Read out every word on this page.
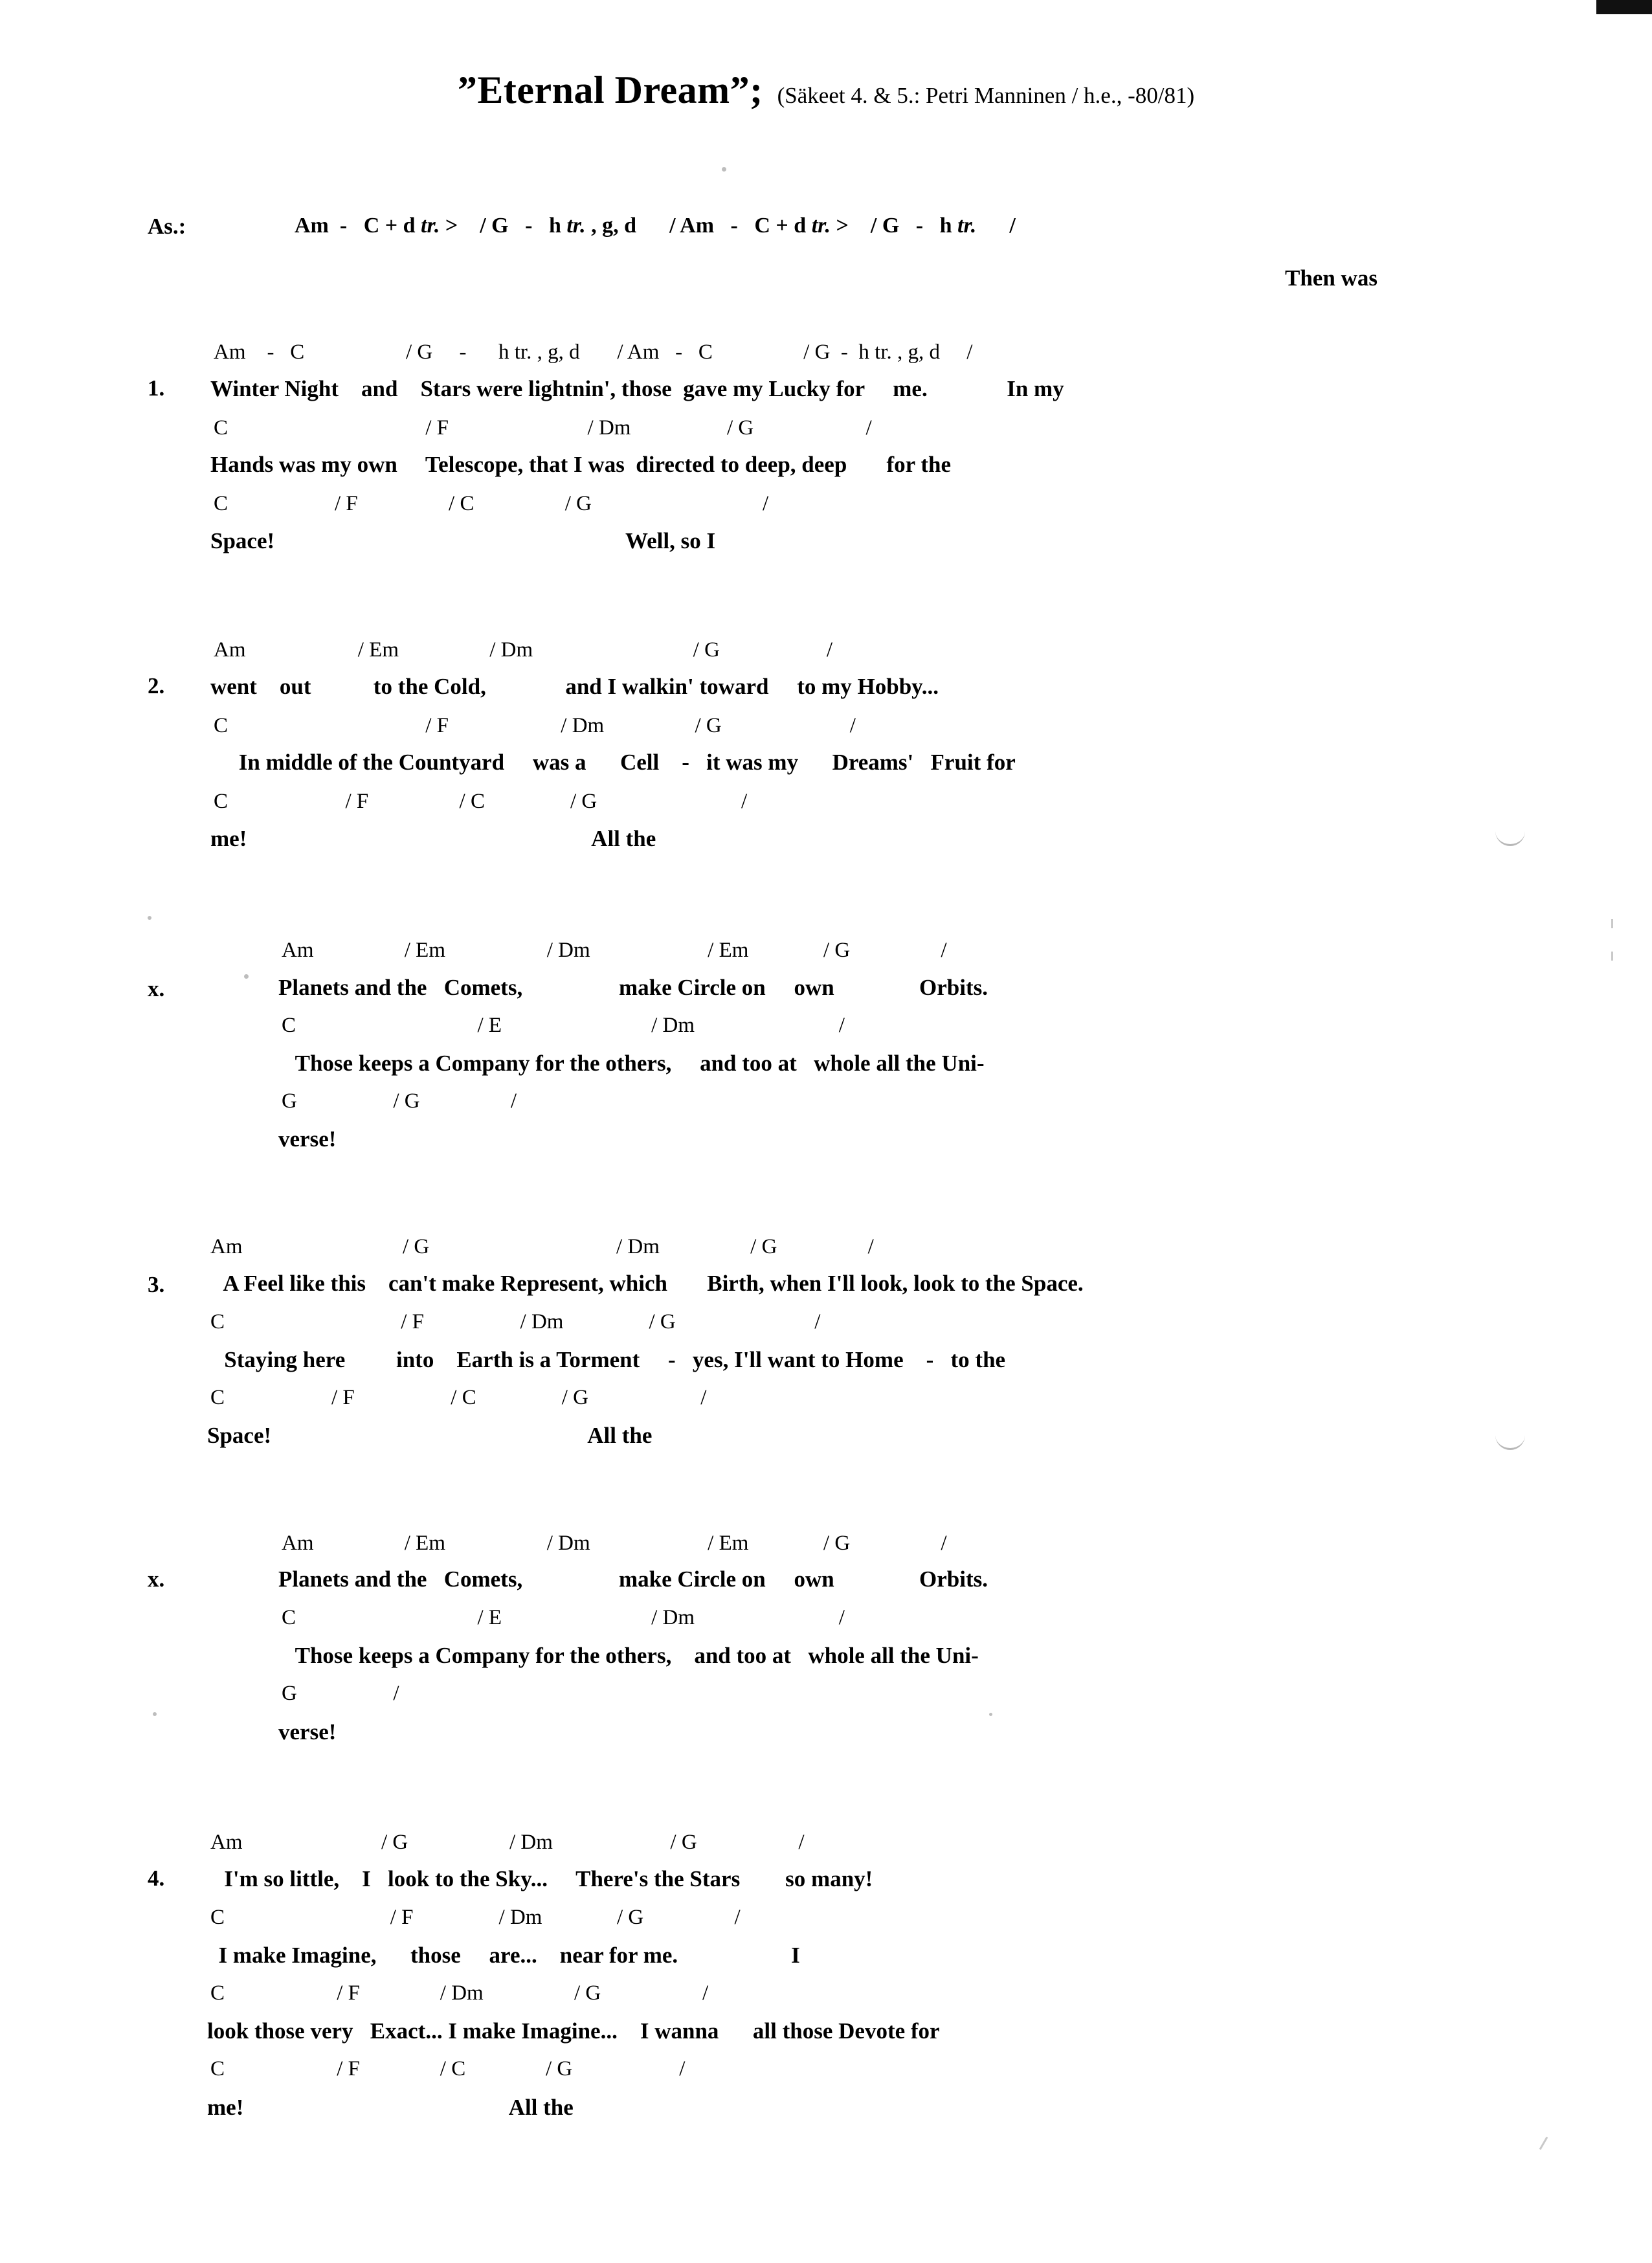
”Eternal Dream”; (Säkeet 4. & 5.: Petri Manninen / h.e., -80/81)
As.:	Am  -   C + d tr. >    / G   -   h tr. , g, d      / Am   -   C + d tr. >    / G   -   h tr.      /
Then was
1.
Am    -   C                   / G     -      h tr. , g, d       / Am   -   C                 / G  -  h tr. , g, d     /
Winter Night    and    Stars were lightnin', those  gave my Lucky for     me.              In my
C                                     / F                          / Dm                  / G                     /
Hands was my own     Telescope, that I was  directed to deep, deep       for the
C                    / F                 / C                 / G                                /
Space!                                                              Well, so I
2.
Am                     / Em                 / Dm                              / G                    /
went    out           to the Cold,              and I walkin' toward     to my Hobby...
C                                     / F                     / Dm                 / G                        /
In middle of the Countyard     was a      Cell    -   it was my      Dreams'   Fruit for
C                      / F                 / C                / G                           /
me!                                                             All the
x.
Am                 / Em                   / Dm                      / Em              / G                 /
Planets and the   Comets,                 make Circle on     own               Orbits.
C                                  / E                            / Dm                           /
Those keeps a Company for the others,     and too at   whole all the Uni-
G                  / G                 /
verse!
3.
Am                              / G                                   / Dm                 / G                 /
A Feel like this    can't make Represent, which       Birth, when I'll look, look to the Space.
C                                 / F                  / Dm                / G                          /
Staying here         into    Earth is a Torment     -   yes, I'll want to Home    -   to the
C                    / F                  / C                / G                     /
Space!                                                        All the
x.
Am                 / Em                   / Dm                      / Em              / G                 /
Planets and the   Comets,                 make Circle on     own               Orbits.
C                                  / E                            / Dm                           /
Those keeps a Company for the others,    and too at   whole all the Uni-
G                  /
verse!
4.
Am                          / G                   / Dm                      / G                   /
I'm so little,    I   look to the Sky...     There's the Stars        so many!
C                               / F                / Dm              / G                 /
I make Imagine,      those     are...    near for me.                    I
C                     / F               / Dm                 / G                   /
look those very   Exact... I make Imagine...    I wanna      all those Devote for
C                     / F               / C               / G                    /
me!                                               All the
